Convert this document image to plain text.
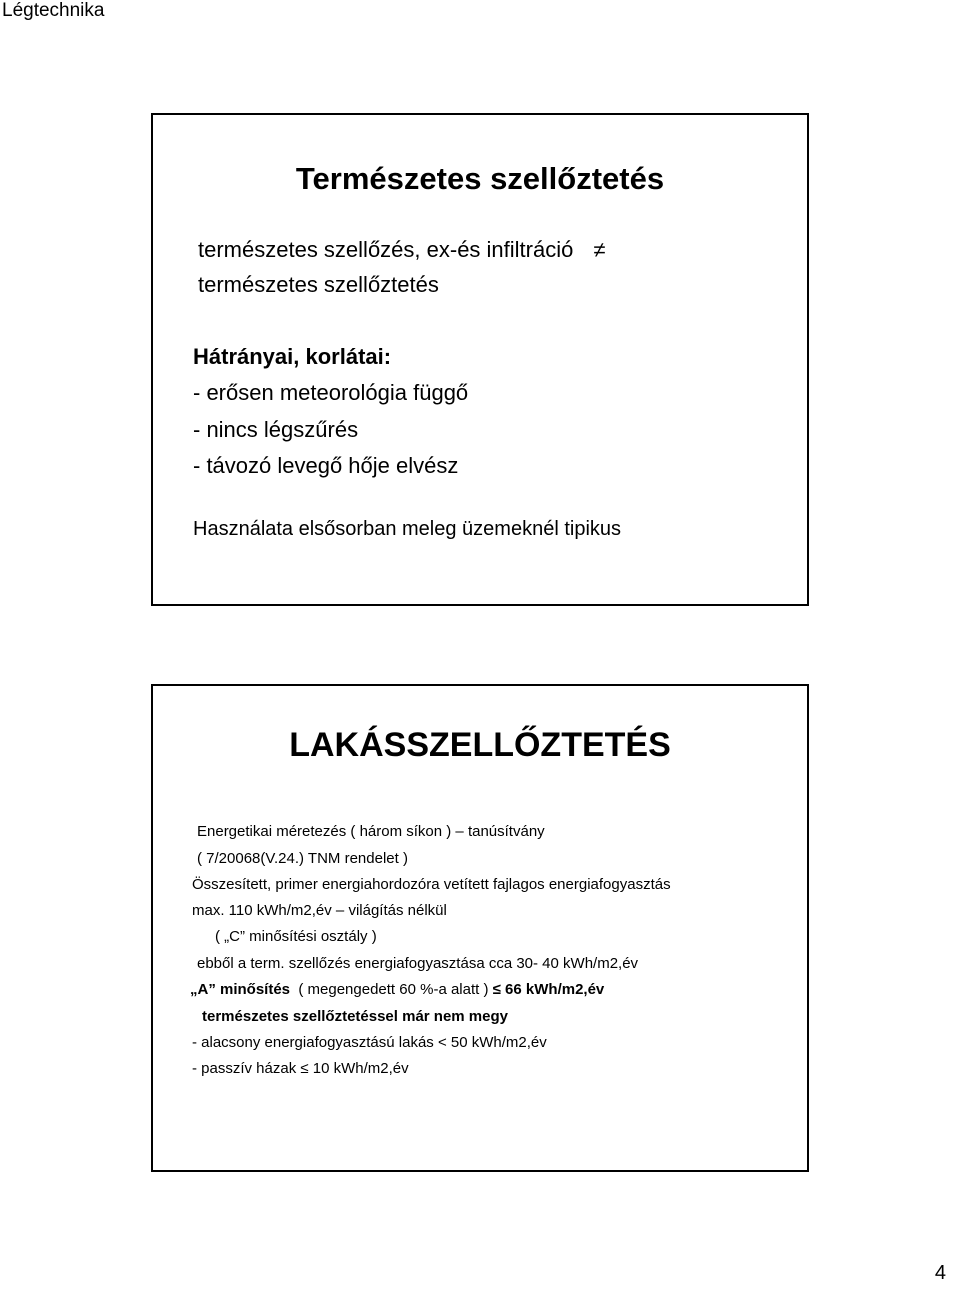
Légtechnika
Természetes szellőztetés
természetes szellőzés, ex-és infiltráció ≠
természetes szellőztetés
Hátrányai, korlátai:
- erősen meteorológia függő
- nincs légszűrés
- távozó levegő hője elvész
Használata elsősorban meleg üzemeknél tipikus
LAKÁSSZELLŐZTETÉS
Energetikai méretezés ( három síkon ) – tanúsítvány
( 7/20068(V.24.) TNM rendelet )
Összesített, primer energiahordozóra vetített fajlagos energiafogyasztás
max. 110 kWh/m2,év – világítás nélkül
( „C” minősítési osztály )
ebből a term. szellőzés energiafogyasztása cca 30- 40 kWh/m2,év
„A” minősítés  ( megengedett 60 %-a alatt ) ≤ 66 kWh/m2,év
természetes szellőztetéssel már nem megy
- alacsony energiafogyasztású lakás < 50 kWh/m2,év
- passzív házak ≤ 10 kWh/m2,év
4
